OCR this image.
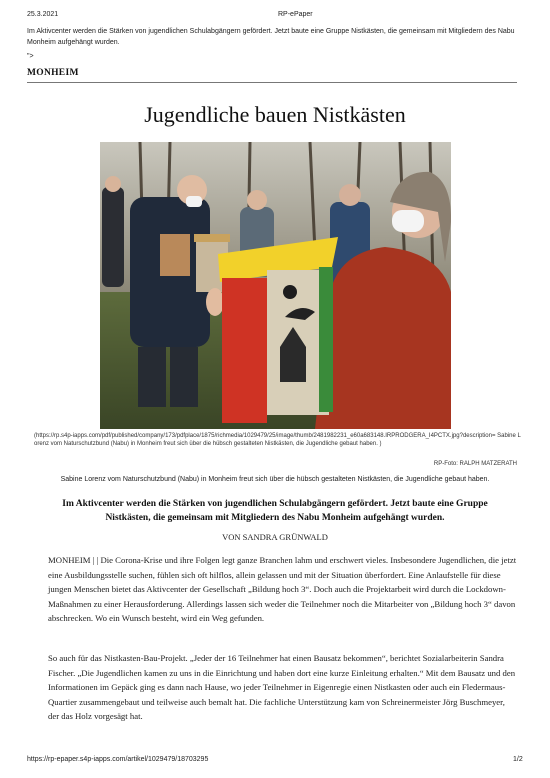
25.3.2021	RP-ePaper
Im Aktivcenter werden die Stärken von jugendlichen Schulabgängern gefördert. Jetzt baute eine Gruppe Nistkästen, die gemeinsam mit Mitgliedern des Nabu Monheim aufgehängt wurden.
">
MONHEIM
Jugendliche bauen Nistkästen
(https://rp.s4p-iapps.com/pdf/published/company/173/pdfplace/1875/richmedia/1029479/25/image/thumb/2481982231_e60a683148.IRPRODGERA_I4PCTX.jpg?description= Sabine Lorenz vom Naturschutzbund (Nabu) in Monheim freut sich über die hübsch gestalteten Nistkästen, die Jugendliche gebaut haben. )
RP-Foto: RALPH MATZERATH
Sabine Lorenz vom Naturschutzbund (Nabu) in Monheim freut sich über die hübsch gestalteten Nistkästen, die Jugendliche gebaut haben.
Im Aktivcenter werden die Stärken von jugendlichen Schulabgängern gefördert. Jetzt baute eine Gruppe Nistkästen, die gemeinsam mit Mitgliedern des Nabu Monheim aufgehängt wurden.
VON SANDRA GRÜNWALD
MONHEIM | | Die Corona-Krise und ihre Folgen legt ganze Branchen lahm und erschwert vieles. Insbesondere Jugendlichen, die jetzt eine Ausbildungsstelle suchen, fühlen sich oft hilflos, allein gelassen und mit der Situation überfordert. Eine Anlaufstelle für diese jungen Menschen bietet das Aktivcenter der Gesellschaft „Bildung hoch 3“. Doch auch die Projektarbeit wird durch die Lockdown-Maßnahmen zu einer Herausforderung. Allerdings lassen sich weder die Teilnehmer noch die Mitarbeiter von „Bildung hoch 3“ davon abschrecken. Wo ein Wunsch besteht, wird ein Weg gefunden.
So auch für das Nistkasten-Bau-Projekt. „Jeder der 16 Teilnehmer hat einen Bausatz bekommen“, berichtet Sozialarbeiterin Sandra Fischer. „Die Jugendlichen kamen zu uns in die Einrichtung und haben dort eine kurze Einleitung erhalten.“ Mit dem Bausatz und den Informationen im Gepäck ging es dann nach Hause, wo jeder Teilnehmer in Eigenregie einen Nistkasten oder auch ein Fledermaus-Quartier zusammengebaut und teilweise auch bemalt hat. Die fachliche Unterstützung kam von Schreinermeister Jörg Buschmeyer, der das Holz vorgesägt hat.
https://rp-epaper.s4p-iapps.com/artikel/1029479/18703295	1/2
